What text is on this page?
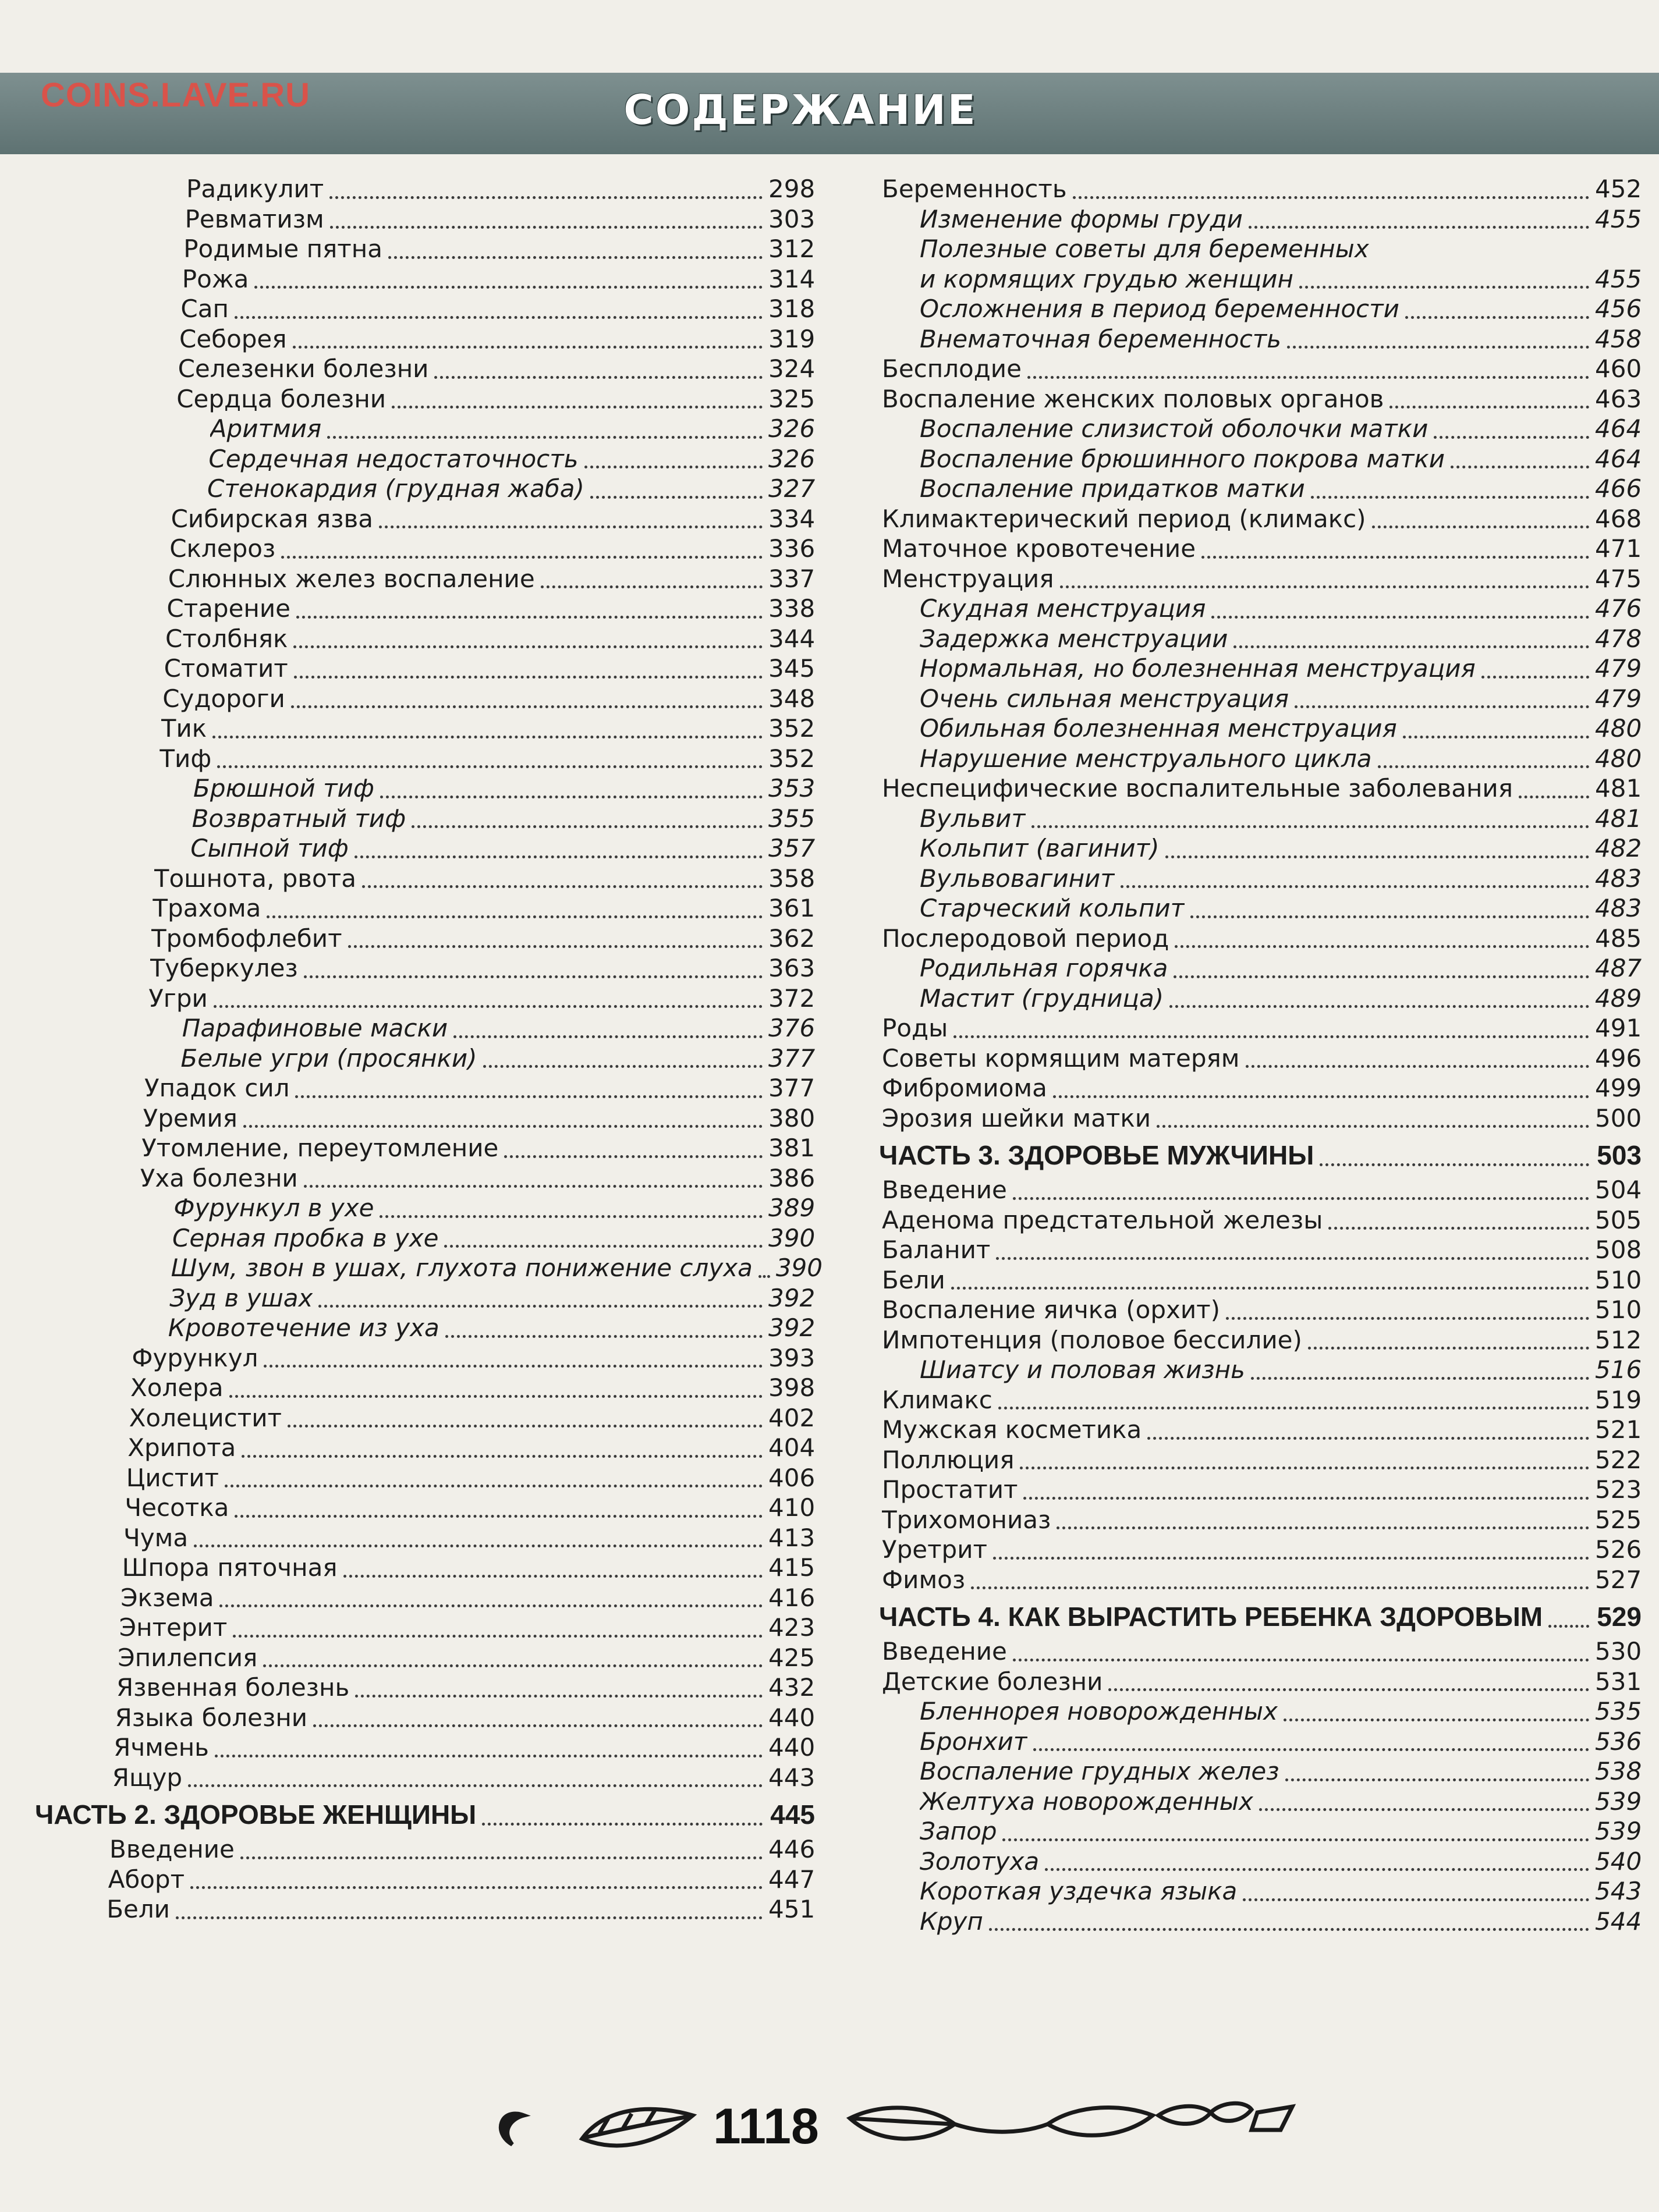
СОДЕРЖАНИЕ
COINS.LAVE.RU
Радикулит	298
Ревматизм	303
Родимые пятна	312
Рожа	314
Сап	318
Себорея	319
Селезенки болезни	324
Сердца болезни	325
Аритмия	326
Сердечная недостаточность	326
Стенокардия (грудная жаба)	327
Сибирская язва	334
Склероз	336
Слюнных желез воспаление	337
Старение	338
Столбняк	344
Стоматит	345
Судороги	348
Тик	352
Тиф	352
Брюшной тиф	353
Возвратный тиф	355
Сыпной тиф	357
Тошнота, рвота	358
Трахома	361
Тромбофлебит	362
Туберкулез	363
Угри	372
Парафиновые маски	376
Белые угри (просянки)	377
Упадок сил	377
Уремия	380
Утомление, переутомление	381
Уха болезни	386
Фурункул в ухе	389
Серная пробка в ухе	390
Шум, звон в ушах, глухота понижение слуха 390
Зуд в ушах	392
Кровотечение из уха	392
Фурункул	393
Холера	398
Холецистит	402
Хрипота	404
Цистит	406
Чесотка	410
Чума	413
Шпора пяточная	415
Экзема	416
Энтерит	423
Эпилепсия	425
Язвенная болезнь	432
Языка болезни	440
Ячмень	440
Ящур	443
ЧАСТЬ 2. ЗДОРОВЬЕ ЖЕНЩИНЫ	445
Введение	446
Аборт	447
Бели	451
Беременность	452
Изменение формы груди	455
Полезные советы для беременных
и кормящих грудью женщин	455
Осложнения в период беременности	456
Внематочная беременность	458
Бесплодие	460
Воспаление женских половых органов	463
Воспаление слизистой оболочки матки	464
Воспаление брюшинного покрова матки	464
Воспаление придатков матки	466
Климактерический период (климакс)	468
Маточное кровотечение	471
Менструация	475
Скудная менструация	476
Задержка менструации	478
Нормальная, но болезненная менструация	479
Очень сильная менструация	479
Обильная болезненная менструация	480
Нарушение менструального цикла	480
Неспецифические воспалительные заболевания	481
Вульвит	481
Кольпит (вагинит)	482
Вульвовагинит	483
Старческий кольпит	483
Послеродовой период	485
Родильная горячка	487
Мастит (грудница)	489
Роды	491
Советы кормящим матерям	496
Фибромиома	499
Эрозия шейки матки	500
ЧАСТЬ 3. ЗДОРОВЬЕ МУЖЧИНЫ	503
Введение	504
Аденома предстательной железы	505
Баланит	508
Бели	510
Воспаление яичка (орхит)	510
Импотенция (половое бессилие)	512
Шиатсу и половая жизнь	516
Климакс	519
Мужская косметика	521
Поллюция	522
Простатит	523
Трихомониаз	525
Уретрит	526
Фимоз	527
ЧАСТЬ 4. КАК ВЫРАСТИТЬ РЕБЕНКА ЗДОРОВЫМ 529
Введение	530
Детские болезни	531
Бленнорея новорожденных	535
Бронхит	536
Воспаление грудных желез	538
Желтуха новорожденных	539
Запор	539
Золотуха	540
Короткая уздечка языка	543
Круп	544
1118
